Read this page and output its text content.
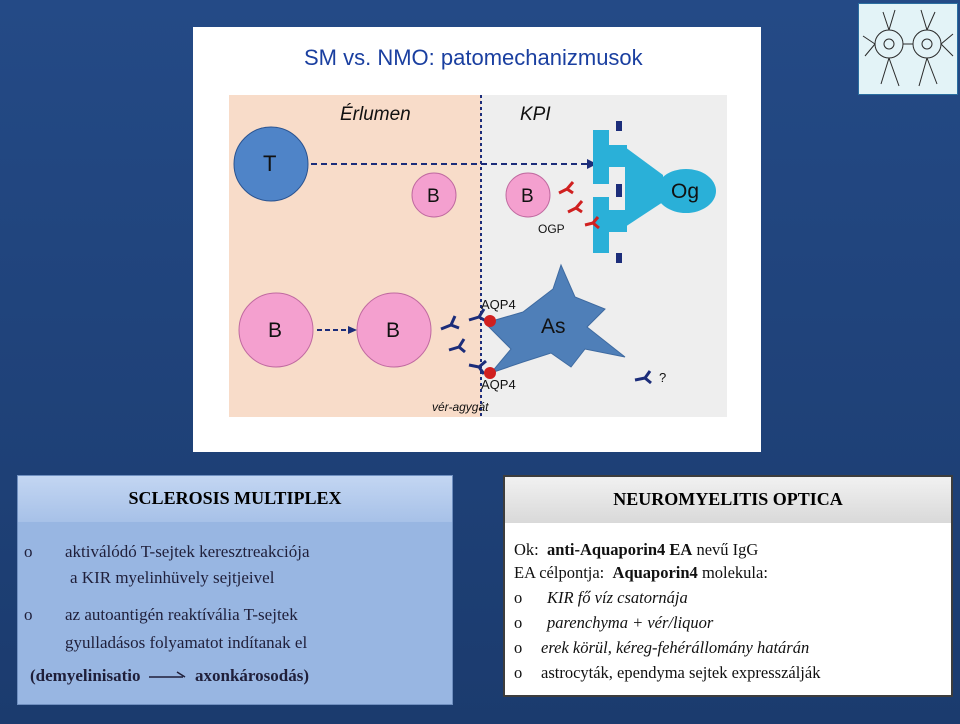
SM vs. NMO: patomechanizmusok
Érlumen	KPI
T
Og
B	B
OGP
B	B
?
As
AQP4
AQP4
vér-agygát
SCLEROSIS MULTIPLEX
o aktiválódó T-sejtek keresztreakciója
a KIR myelinhüvely sejtjeivel
o az autoantigén reaktívália T-sejtek
gyulladásos folyamatot indítanak el
(demyelinisatio	axonkárosodás)
NEUROMYELITIS OPTICA
Ok: anti-Aquaporin4 EA nevű IgG
EA célpontja: Aquaporin4 molekula:
o KIR fő víz csatornája
o parenchyma + vér/liquor
o erek körül, kéreg-fehérállomány határán
o astrocyták, ependyma sejtek expresszálják
